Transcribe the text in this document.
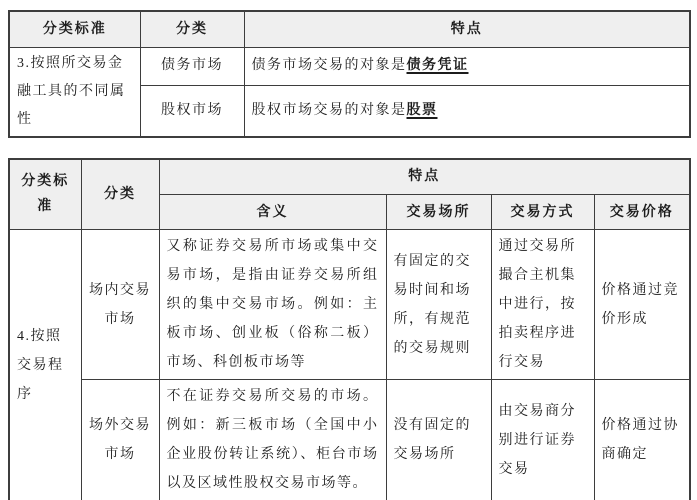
分类标准	分类	特点
3.按照所交易金融工具的不同属性	债务市场	债务市场交易的对象是债务凭证
	股权市场	股权市场交易的对象是股票
分类标准	分类	特点			
		含义	交易场所	交易方式	交易价格
4.按照交易程序	场内交易市场	又称证券交易所市场或集中交易市场，是指由证券交易所组织的集中交易市场。例如：主板市场、创业板（俗称二板）市场、科创板市场等	有固定的交易时间和场所，有规范的交易规则	通过交易所撮合主机集中进行，按拍卖程序进行交易	价格通过竞价形成
	场外交易市场	不在证券交易所交易的市场。例如：新三板市场（全国中小企业股份转让系统）、柜台市场以及区域性股权交易市场等。	没有固定的交易场所	由交易商分别进行证券交易	价格通过协商确定
